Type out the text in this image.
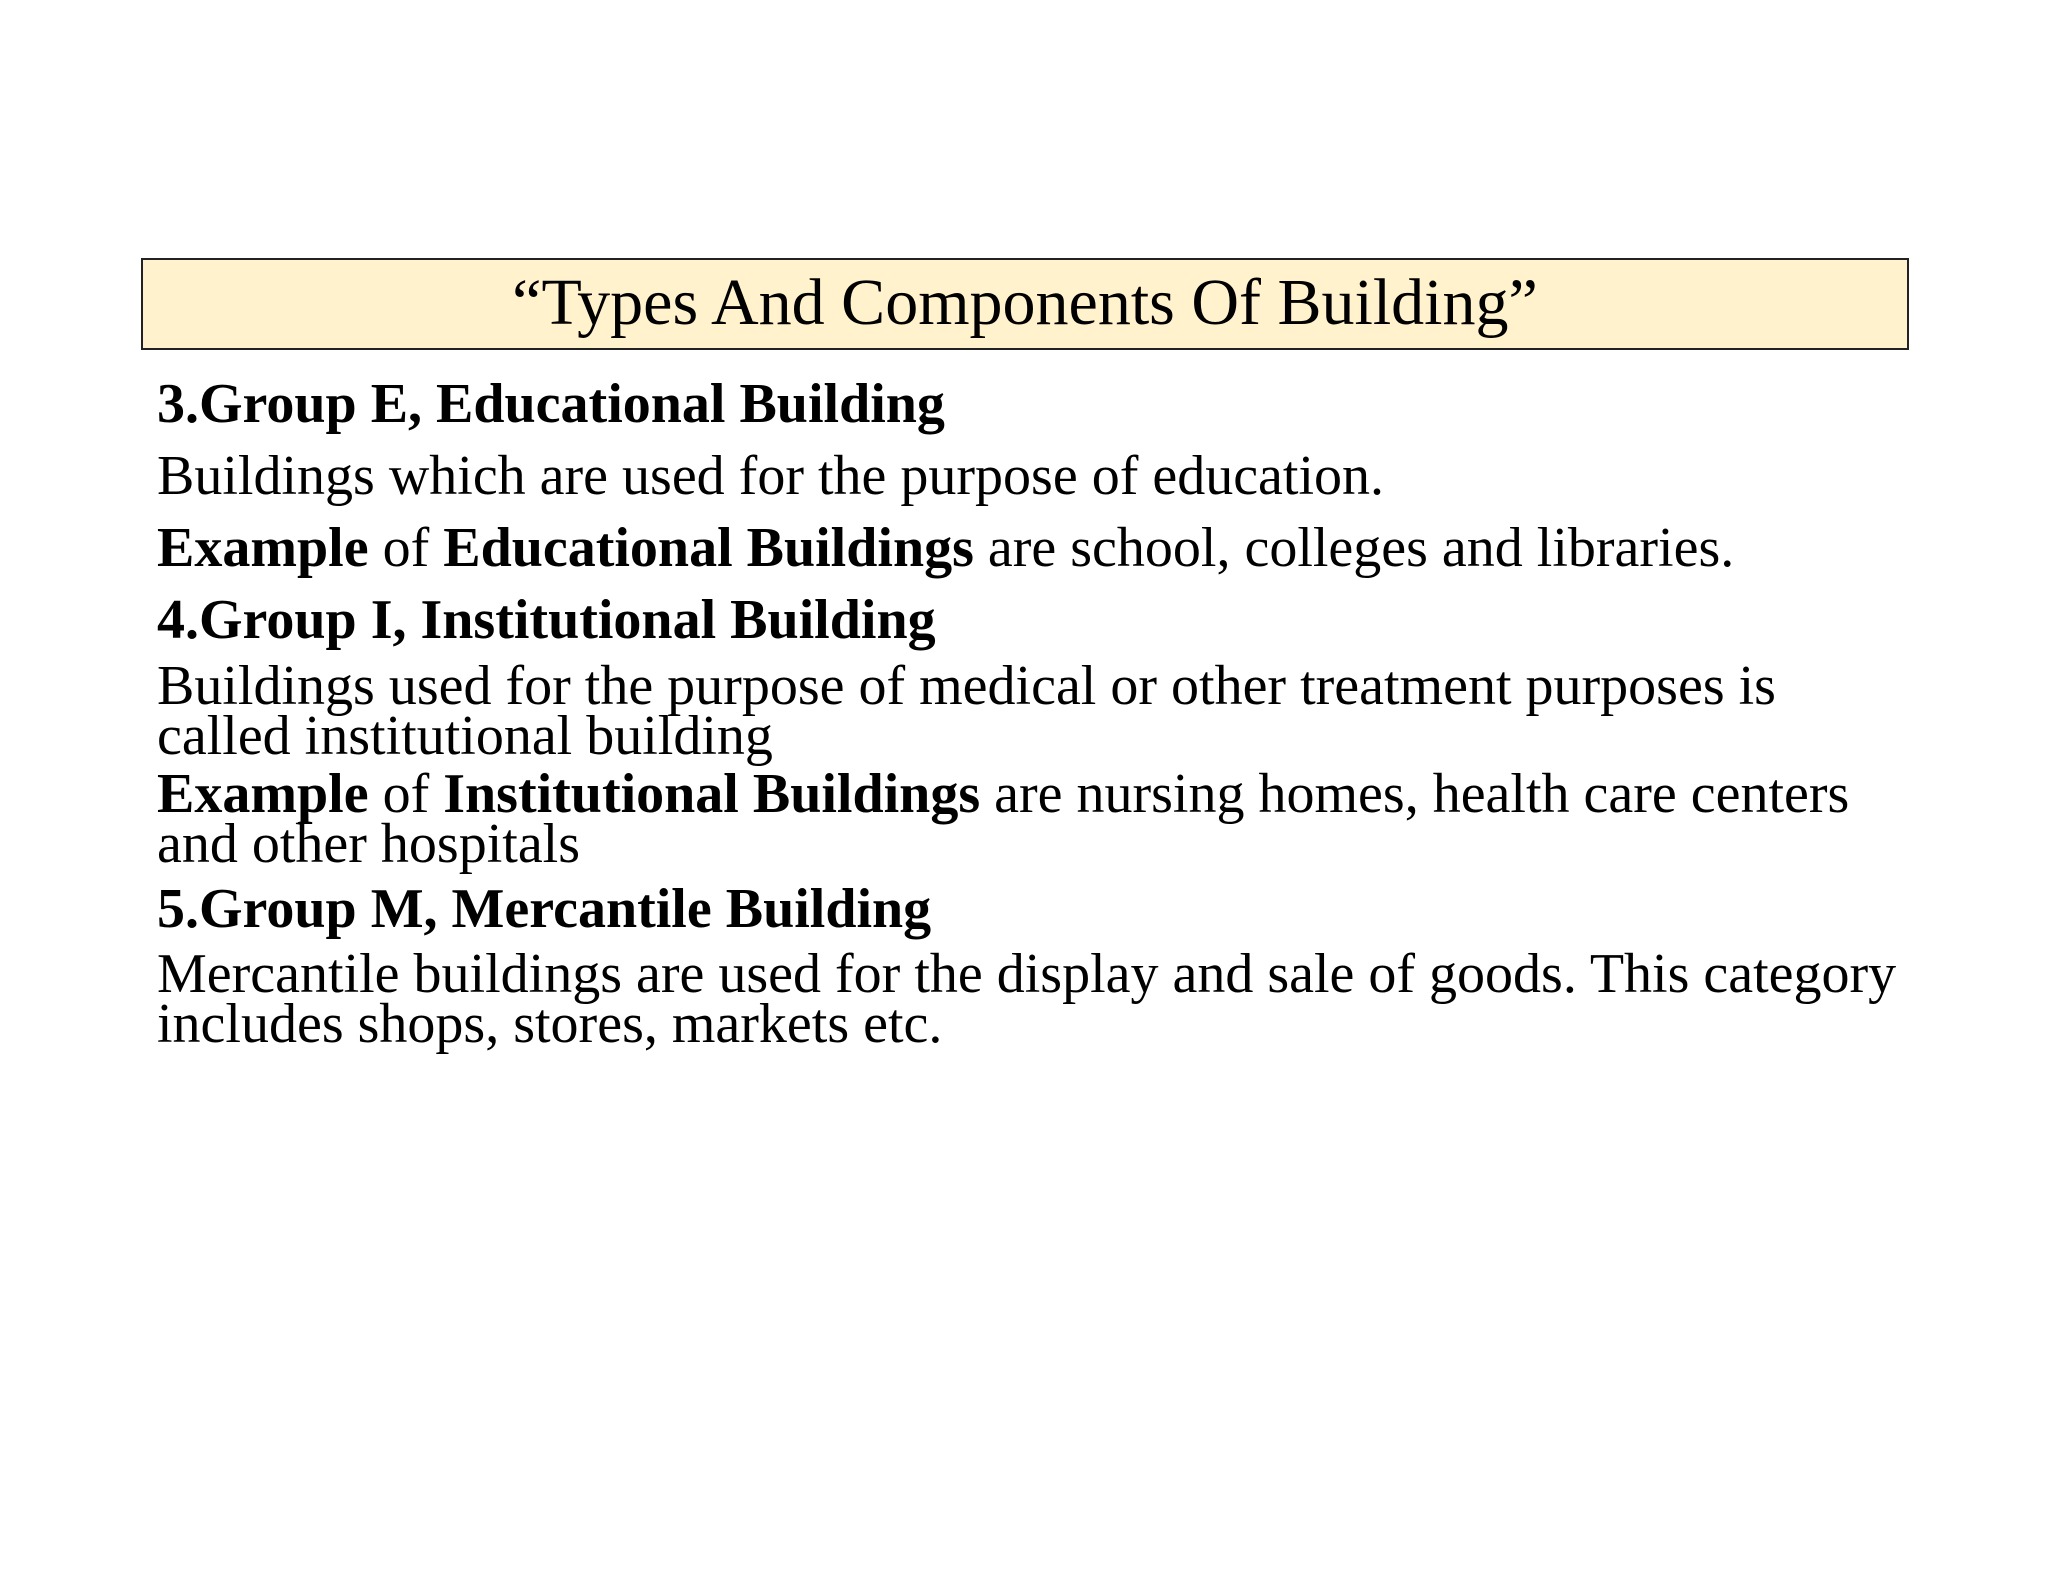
“Types And Components Of Building”
3.Group E, Educational Building
Buildings which are used for the purpose of education.
Example of Educational Buildings are school, colleges and libraries.
4.Group I, Institutional Building
Buildings used for the purpose of medical or other treatment purposes is called institutional building
Example of Institutional Buildings are nursing homes, health care centers and other hospitals
5.Group M, Mercantile Building
Mercantile buildings are used for the display and sale of goods. This category includes shops, stores, markets etc.
